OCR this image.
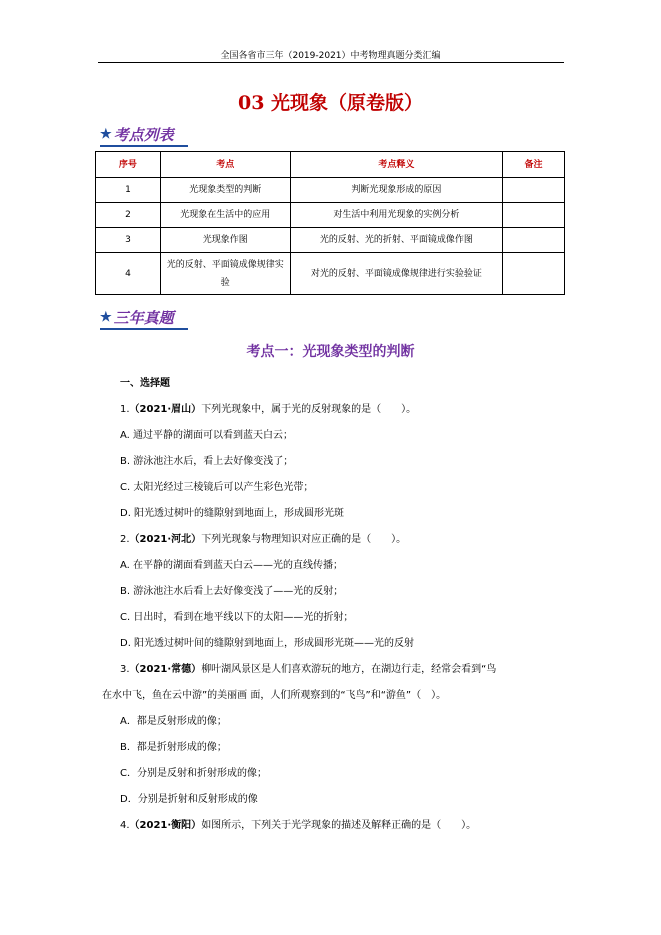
全国各省市三年（2019-2021）中考物理真题分类汇编
03 光现象（原卷版）
★ 考点列表
序号	考点	考点释义	备注
1	光现象类型的判断	判断光现象形成的原因	
2	光现象在生活中的应用	对生活中利用光现象的实例分析	
3	光现象作图	光的反射、光的折射、平面镜成像作图	
4	光的反射、平面镜成像规律实验	对光的反射、平面镜成像规律进行实验验证	
★ 三年真题
考点一：光现象类型的判断
一、选择题
1.（2021·眉山）下列光现象中，属于光的反射现象的是（　　）。
A. 通过平静的湖面可以看到蓝天白云；
B. 游泳池注水后，看上去好像变浅了；
C. 太阳光经过三棱镜后可以产生彩色光带；
D. 阳光透过树叶的缝隙射到地面上，形成圆形光斑
2.（2021·河北）下列光现象与物理知识对应正确的是（　　）。
A. 在平静的湖面看到蓝天白云——光的直线传播；
B. 游泳池注水后看上去好像变浅了——光的反射；
C. 日出时，看到在地平线以下的太阳——光的折射；
D. 阳光透过树叶间的缝隙射到地面上，形成圆形光斑——光的反射
3.（2021·常德）柳叶湖风景区是人们喜欢游玩的地方，在湖边行走，经常会看到“鸟
在水中飞，鱼在云中游”的美丽画 面，人们所观察到的“飞鸟”和“游鱼”（　）。
A．都是反射形成的像；
B．都是折射形成的像；
C．分别是反射和折射形成的像；
D．分别是折射和反射形成的像
4.（2021·衡阳）如图所示，下列关于光学现象的描述及解释正确的是（　　）。
